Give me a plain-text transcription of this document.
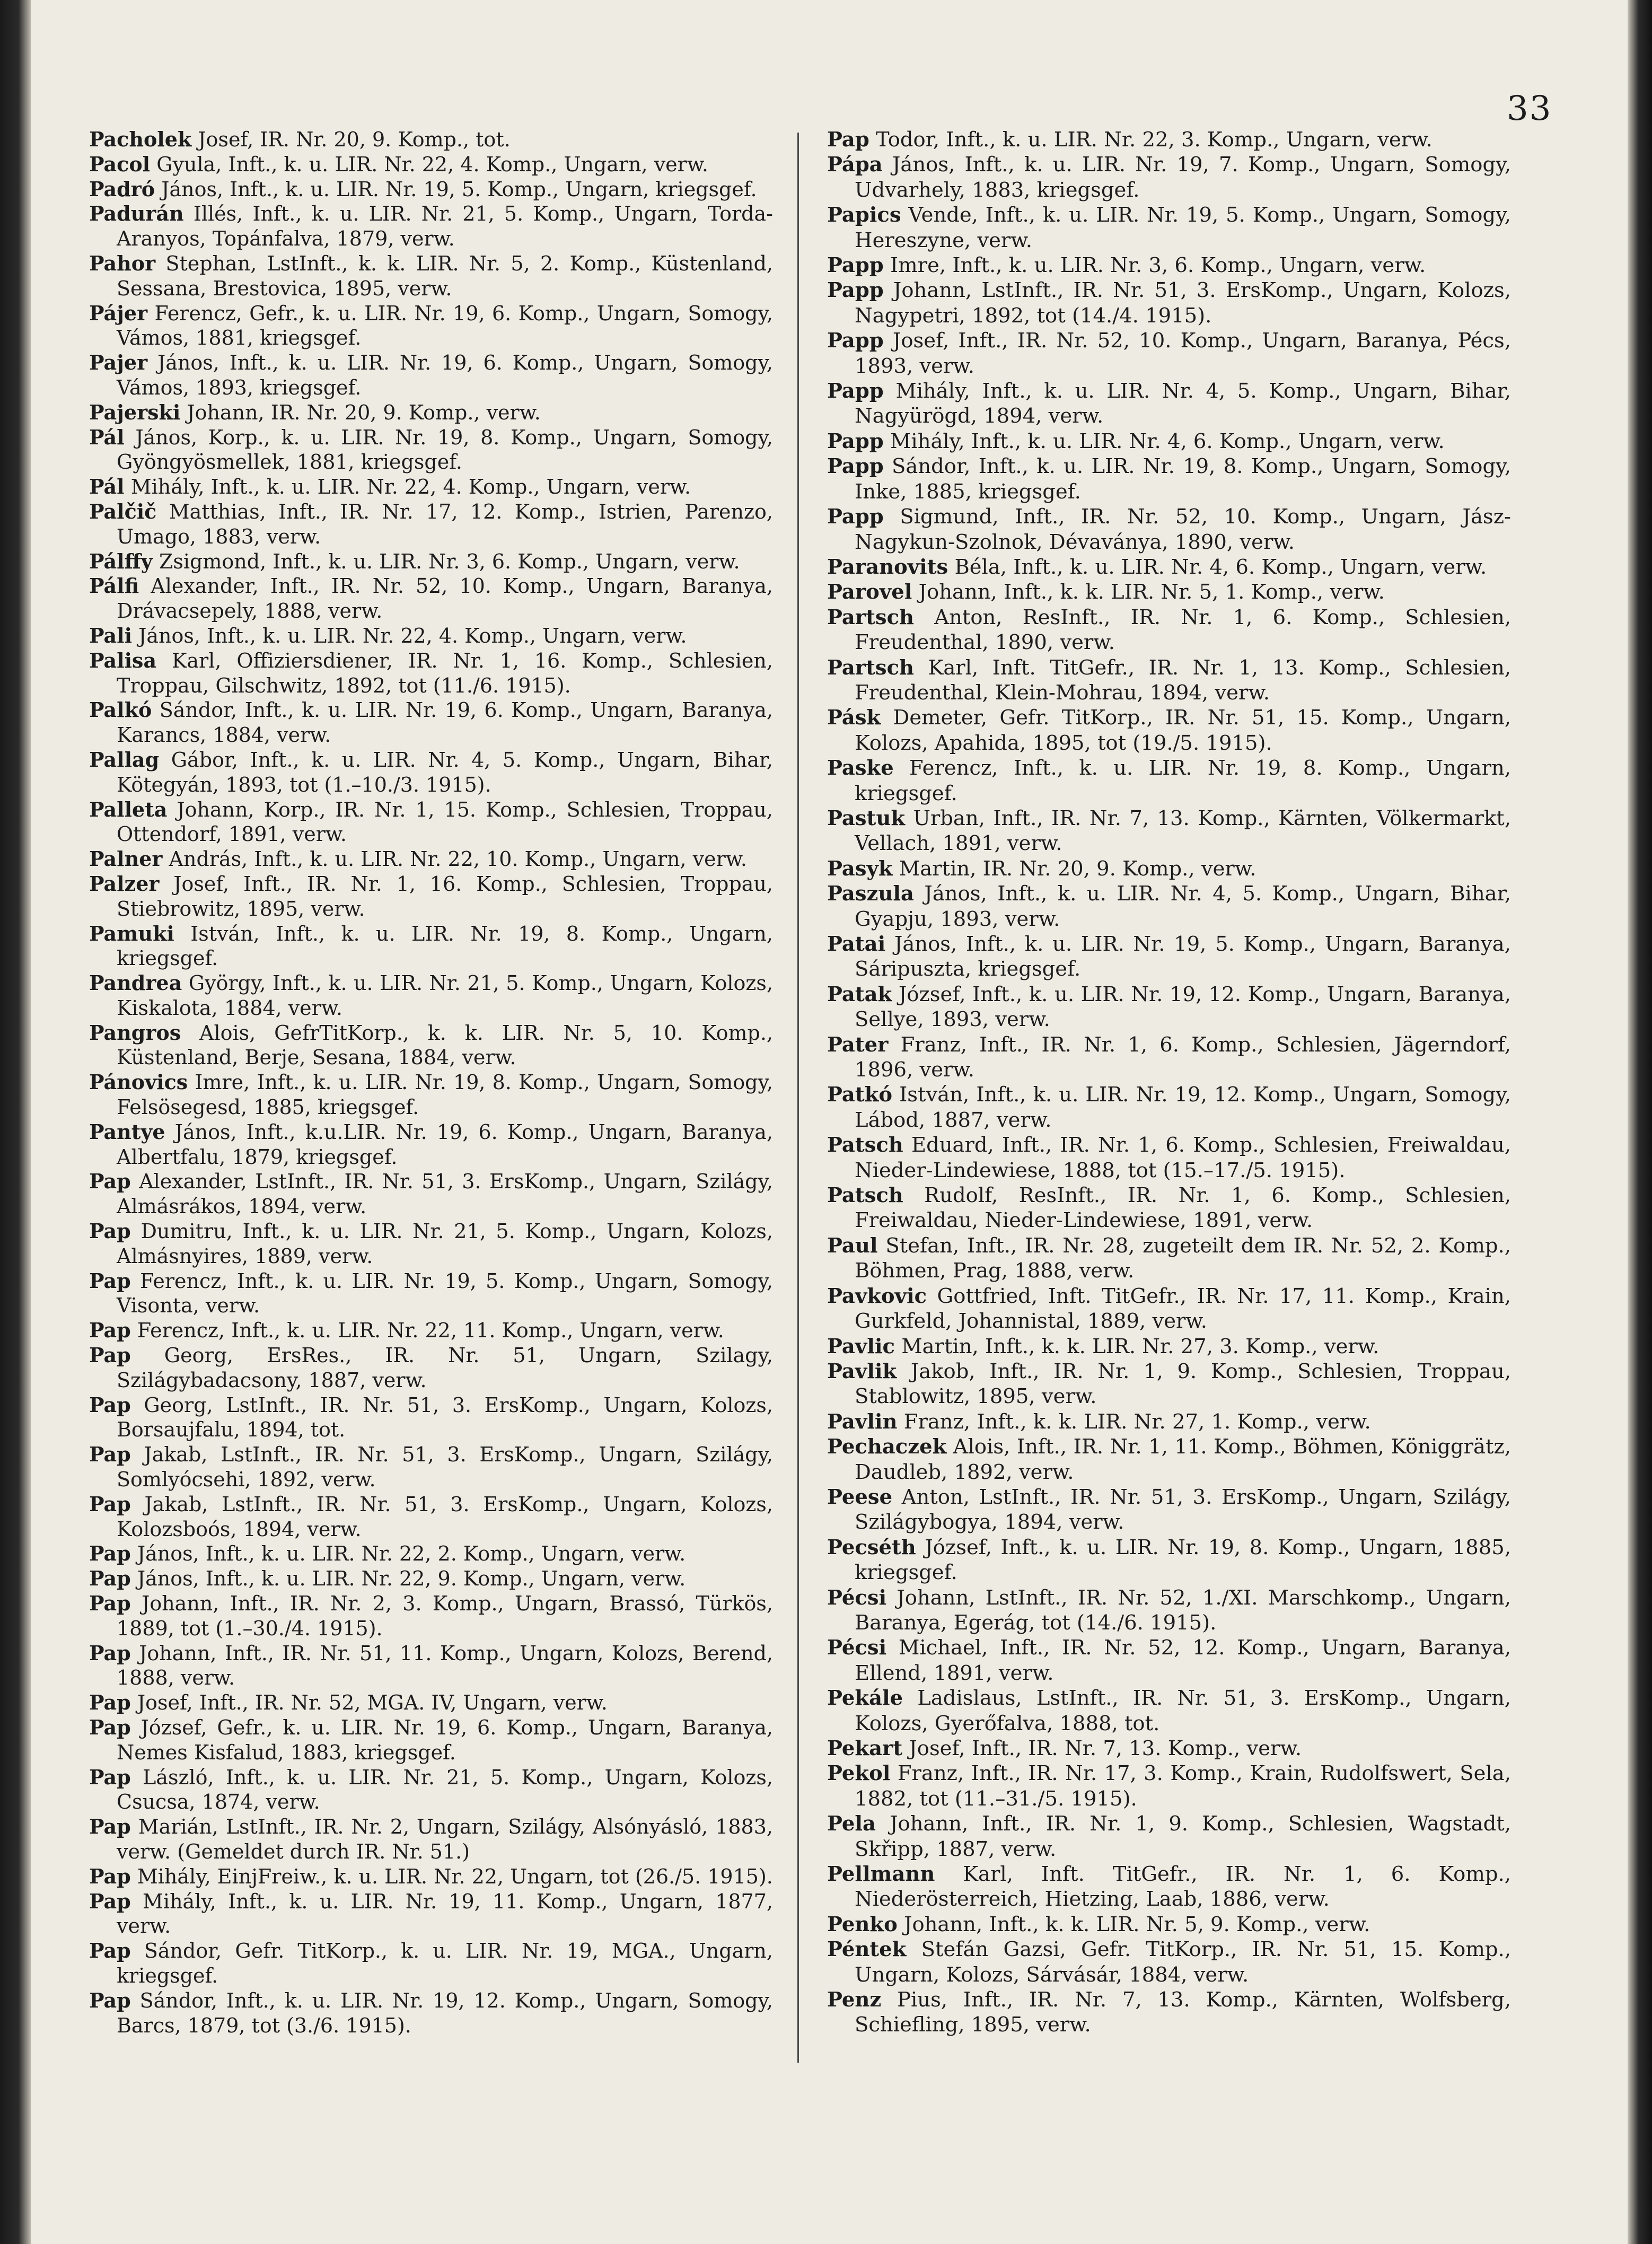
33
Pacholek Josef, IR. Nr. 20, 9. Komp., tot.
Pacol Gyula, Inft., k. u. LIR. Nr. 22, 4. Komp., Ungarn, verw.
Padró János, Inft., k. u. LIR. Nr. 19, 5. Komp., Ungarn, kriegsgef.
Padurán Illés, Inft., k. u. LIR. Nr. 21, 5. Komp., Ungarn, Torda-Aranyos, Topánfalva, 1879, verw.
Pahor Stephan, LstInft., k. k. LIR. Nr. 5, 2. Komp., Küstenland, Sessana, Brestovica, 1895, verw.
Pájer Ferencz, Gefr., k. u. LIR. Nr. 19, 6. Komp., Ungarn, Somogy, Vámos, 1881, kriegsgef.
Pajer János, Inft., k. u. LIR. Nr. 19, 6. Komp., Ungarn, Somogy, Vámos, 1893, kriegsgef.
Pajerski Johann, IR. Nr. 20, 9. Komp., verw.
Pál János, Korp., k. u. LIR. Nr. 19, 8. Komp., Ungarn, Somogy, Gyöngyösmellek, 1881, kriegsgef.
Pál Mihály, Inft., k. u. LIR. Nr. 22, 4. Komp., Ungarn, verw.
Palčič Matthias, Inft., IR. Nr. 17, 12. Komp., Istrien, Parenzo, Umago, 1883, verw.
Pálffy Zsigmond, Inft., k. u. LIR. Nr. 3, 6. Komp., Ungarn, verw.
Pálfi Alexander, Inft., IR. Nr. 52, 10. Komp., Ungarn, Baranya, Drávacsepely, 1888, verw.
Pali János, Inft., k. u. LIR. Nr. 22, 4. Komp., Ungarn, verw.
Palisa Karl, Offiziersdiener, IR. Nr. 1, 16. Komp., Schlesien, Troppau, Gilschwitz, 1892, tot (11./6. 1915).
Palkó Sándor, Inft., k. u. LIR. Nr. 19, 6. Komp., Ungarn, Baranya, Karancs, 1884, verw.
Pallag Gábor, Inft., k. u. LIR. Nr. 4, 5. Komp., Ungarn, Bihar, Kötegyán, 1893, tot (1.–10./3. 1915).
Palleta Johann, Korp., IR. Nr. 1, 15. Komp., Schlesien, Troppau, Ottendorf, 1891, verw.
Palner András, Inft., k. u. LIR. Nr. 22, 10. Komp., Ungarn, verw.
Palzer Josef, Inft., IR. Nr. 1, 16. Komp., Schlesien, Troppau, Stiebrowitz, 1895, verw.
Pamuki István, Inft., k. u. LIR. Nr. 19, 8. Komp., Ungarn, kriegsgef.
Pandrea György, Inft., k. u. LIR. Nr. 21, 5. Komp., Ungarn, Kolozs, Kiskalota, 1884, verw.
Pangros Alois, GefrTitKorp., k. k. LIR. Nr. 5, 10. Komp., Küstenland, Berje, Sesana, 1884, verw.
Pánovics Imre, Inft., k. u. LIR. Nr. 19, 8. Komp., Ungarn, Somogy, Felsösegesd, 1885, kriegsgef.
Pantye János, Inft., k.u.LIR. Nr. 19, 6. Komp., Ungarn, Baranya, Albertfalu, 1879, kriegsgef.
Pap Alexander, LstInft., IR. Nr. 51, 3. ErsKomp., Ungarn, Szilágy, Almásrákos, 1894, verw.
Pap Dumitru, Inft., k. u. LIR. Nr. 21, 5. Komp., Ungarn, Kolozs, Almásnyires, 1889, verw.
Pap Ferencz, Inft., k. u. LIR. Nr. 19, 5. Komp., Ungarn, Somogy, Visonta, verw.
Pap Ferencz, Inft., k. u. LIR. Nr. 22, 11. Komp., Ungarn, verw.
Pap Georg, ErsRes., IR. Nr. 51, Ungarn, Szilagy, Szilágybadacsony, 1887, verw.
Pap Georg, LstInft., IR. Nr. 51, 3. ErsKomp., Ungarn, Kolozs, Borsaujfalu, 1894, tot.
Pap Jakab, LstInft., IR. Nr. 51, 3. ErsKomp., Ungarn, Szilágy, Somlyócsehi, 1892, verw.
Pap Jakab, LstInft., IR. Nr. 51, 3. ErsKomp., Ungarn, Kolozs, Kolozsboós, 1894, verw.
Pap János, Inft., k. u. LIR. Nr. 22, 2. Komp., Ungarn, verw.
Pap János, Inft., k. u. LIR. Nr. 22, 9. Komp., Ungarn, verw.
Pap Johann, Inft., IR. Nr. 2, 3. Komp., Ungarn, Brassó, Türkös, 1889, tot (1.–30./4. 1915).
Pap Johann, Inft., IR. Nr. 51, 11. Komp., Ungarn, Kolozs, Berend, 1888, verw.
Pap Josef, Inft., IR. Nr. 52, MGA. IV, Ungarn, verw.
Pap József, Gefr., k. u. LIR. Nr. 19, 6. Komp., Ungarn, Baranya, Nemes Kisfalud, 1883, kriegsgef.
Pap László, Inft., k. u. LIR. Nr. 21, 5. Komp., Ungarn, Kolozs, Csucsa, 1874, verw.
Pap Marián, LstInft., IR. Nr. 2, Ungarn, Szilágy, Alsónyásló, 1883, verw. (Gemeldet durch IR. Nr. 51.)
Pap Mihály, EinjFreiw., k. u. LIR. Nr. 22, Ungarn, tot (26./5. 1915).
Pap Mihály, Inft., k. u. LIR. Nr. 19, 11. Komp., Ungarn, 1877, verw.
Pap Sándor, Gefr. TitKorp., k. u. LIR. Nr. 19, MGA., Ungarn, kriegsgef.
Pap Sándor, Inft., k. u. LIR. Nr. 19, 12. Komp., Ungarn, Somogy, Barcs, 1879, tot (3./6. 1915).
Pap Todor, Inft., k. u. LIR. Nr. 22, 3. Komp., Ungarn, verw.
Pápa János, Inft., k. u. LIR. Nr. 19, 7. Komp., Ungarn, Somogy, Udvarhely, 1883, kriegsgef.
Papics Vende, Inft., k. u. LIR. Nr. 19, 5. Komp., Ungarn, Somogy, Hereszyne, verw.
Papp Imre, Inft., k. u. LIR. Nr. 3, 6. Komp., Ungarn, verw.
Papp Johann, LstInft., IR. Nr. 51, 3. ErsKomp., Ungarn, Kolozs, Nagypetri, 1892, tot (14./4. 1915).
Papp Josef, Inft., IR. Nr. 52, 10. Komp., Ungarn, Baranya, Pécs, 1893, verw.
Papp Mihály, Inft., k. u. LIR. Nr. 4, 5. Komp., Ungarn, Bihar, Nagyürögd, 1894, verw.
Papp Mihály, Inft., k. u. LIR. Nr. 4, 6. Komp., Ungarn, verw.
Papp Sándor, Inft., k. u. LIR. Nr. 19, 8. Komp., Ungarn, Somogy, Inke, 1885, kriegsgef.
Papp Sigmund, Inft., IR. Nr. 52, 10. Komp., Ungarn, Jász-Nagykun-Szolnok, Dévaványa, 1890, verw.
Paranovits Béla, Inft., k. u. LIR. Nr. 4, 6. Komp., Ungarn, verw.
Parovel Johann, Inft., k. k. LIR. Nr. 5, 1. Komp., verw.
Partsch Anton, ResInft., IR. Nr. 1, 6. Komp., Schlesien, Freudenthal, 1890, verw.
Partsch Karl, Inft. TitGefr., IR. Nr. 1, 13. Komp., Schlesien, Freudenthal, Klein-Mohrau, 1894, verw.
Pásk Demeter, Gefr. TitKorp., IR. Nr. 51, 15. Komp., Ungarn, Kolozs, Apahida, 1895, tot (19./5. 1915).
Paske Ferencz, Inft., k. u. LIR. Nr. 19, 8. Komp., Ungarn, kriegsgef.
Pastuk Urban, Inft., IR. Nr. 7, 13. Komp., Kärnten, Völkermarkt, Vellach, 1891, verw.
Pasyk Martin, IR. Nr. 20, 9. Komp., verw.
Paszula János, Inft., k. u. LIR. Nr. 4, 5. Komp., Ungarn, Bihar, Gyapju, 1893, verw.
Patai János, Inft., k. u. LIR. Nr. 19, 5. Komp., Ungarn, Baranya, Sáripuszta, kriegsgef.
Patak József, Inft., k. u. LIR. Nr. 19, 12. Komp., Ungarn, Baranya, Sellye, 1893, verw.
Pater Franz, Inft., IR. Nr. 1, 6. Komp., Schlesien, Jägerndorf, 1896, verw.
Patkó István, Inft., k. u. LIR. Nr. 19, 12. Komp., Ungarn, Somogy, Lábod, 1887, verw.
Patsch Eduard, Inft., IR. Nr. 1, 6. Komp., Schlesien, Freiwaldau, Nieder-Lindewiese, 1888, tot (15.–17./5. 1915).
Patsch Rudolf, ResInft., IR. Nr. 1, 6. Komp., Schlesien, Freiwaldau, Nieder-Lindewiese, 1891, verw.
Paul Stefan, Inft., IR. Nr. 28, zugeteilt dem IR. Nr. 52, 2. Komp., Böhmen, Prag, 1888, verw.
Pavkovic Gottfried, Inft. TitGefr., IR. Nr. 17, 11. Komp., Krain, Gurkfeld, Johannistal, 1889, verw.
Pavlic Martin, Inft., k. k. LIR. Nr. 27, 3. Komp., verw.
Pavlik Jakob, Inft., IR. Nr. 1, 9. Komp., Schlesien, Troppau, Stablowitz, 1895, verw.
Pavlin Franz, Inft., k. k. LIR. Nr. 27, 1. Komp., verw.
Pechaczek Alois, Inft., IR. Nr. 1, 11. Komp., Böhmen, Königgrätz, Daudleb, 1892, verw.
Peese Anton, LstInft., IR. Nr. 51, 3. ErsKomp., Ungarn, Szilágy, Szilágybogya, 1894, verw.
Pecséth József, Inft., k. u. LIR. Nr. 19, 8. Komp., Ungarn, 1885, kriegsgef.
Pécsi Johann, LstInft., IR. Nr. 52, 1./XI. Marschkomp., Ungarn, Baranya, Egerág, tot (14./6. 1915).
Pécsi Michael, Inft., IR. Nr. 52, 12. Komp., Ungarn, Baranya, Ellend, 1891, verw.
Pekále Ladislaus, LstInft., IR. Nr. 51, 3. ErsKomp., Ungarn, Kolozs, Gyerőfalva, 1888, tot.
Pekart Josef, Inft., IR. Nr. 7, 13. Komp., verw.
Pekol Franz, Inft., IR. Nr. 17, 3. Komp., Krain, Rudolfswert, Sela, 1882, tot (11.–31./5. 1915).
Pela Johann, Inft., IR. Nr. 1, 9. Komp., Schlesien, Wagstadt, Skřipp, 1887, verw.
Pellmann Karl, Inft. TitGefr., IR. Nr. 1, 6. Komp., Niederösterreich, Hietzing, Laab, 1886, verw.
Penko Johann, Inft., k. k. LIR. Nr. 5, 9. Komp., verw.
Péntek Stefán Gazsi, Gefr. TitKorp., IR. Nr. 51, 15. Komp., Ungarn, Kolozs, Sárvásár, 1884, verw.
Penz Pius, Inft., IR. Nr. 7, 13. Komp., Kärnten, Wolfsberg, Schiefling, 1895, verw.
